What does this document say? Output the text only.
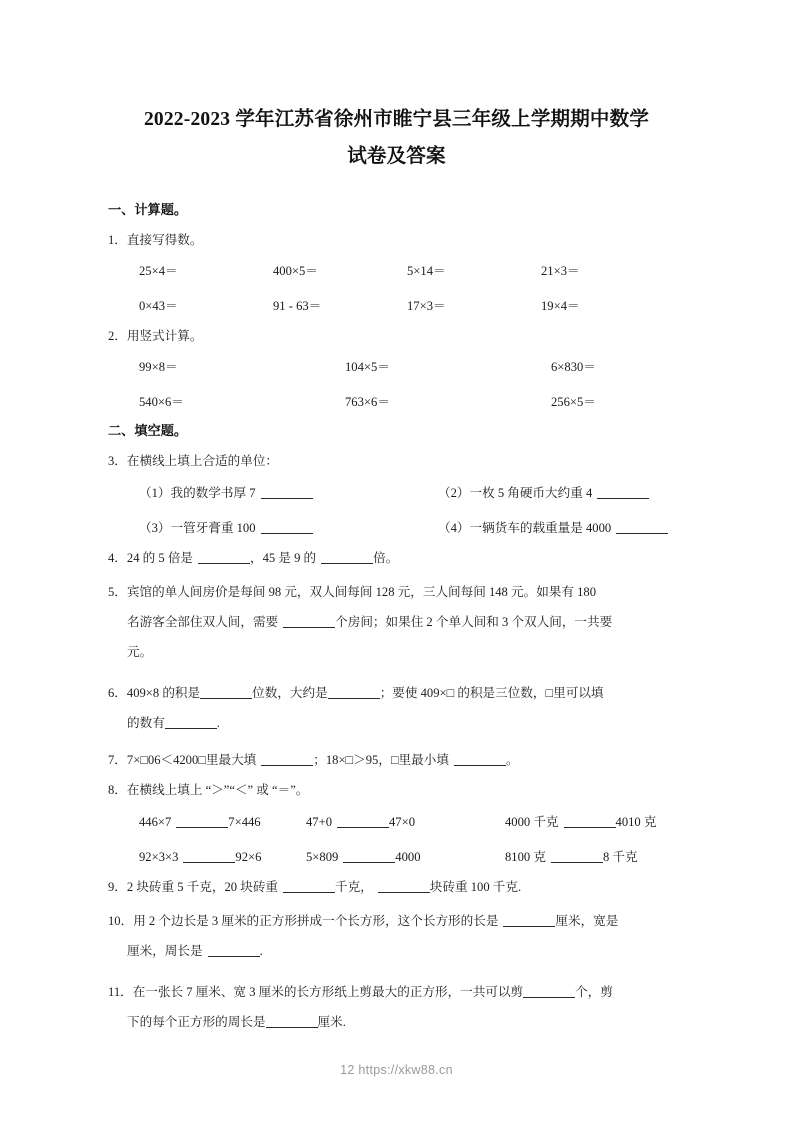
2022-2023 学年江苏省徐州市睢宁县三年级上学期期中数学
试卷及答案
一、计算题。
1．直接写得数。
25×4＝	400×5＝	5×14＝	21×3＝
0×43＝	91 - 63＝	17×3＝	19×4＝
2．用竖式计算。
99×8＝	104×5＝	6×830＝
540×6＝	763×6＝	256×5＝
二、填空题。
3．在横线上填上合适的单位：
（1）我的数学书厚 7	（2）一枚 5 角硬币大约重 4
（3）一管牙膏重 100	（4）一辆货车的载重量是 4000
4．24 的 5 倍是	，45 是 9 的	倍。
5．宾馆的单人间房价是每间 98 元，双人间每间 128 元，三人间每间 148 元。如果有 180
名游客全部住双人间，需要	个房间；如果住 2 个单人间和 3 个双人间，一共要
元。
6．409×8 的积是	位数，大约是	；要使 409×□ 的积是三位数，□里可以填
的数有	.
7．7×□06＜4200□里最大填	；18×□＞95，□里最小填	。
8．在横线上填上 “＞”“＜” 或 “＝”。
446×7	7×446	47+0	47×0	4000 千克	4010 克
92×3×3	92×6	5×809	4000	8100 克	8 千克
9．2 块砖重 5 千克，20 块砖重	千克，	块砖重 100 千克.
10．用 2 个边长是 3 厘米的正方形拼成一个长方形，这个长方形的长是	厘米，宽是
厘米，周长是	.
11．在一张长 7 厘米、宽 3 厘米的长方形纸上剪最大的正方形，一共可以剪	个，剪
下的每个正方形的周长是	厘米.
12 https://xkw88.cn
